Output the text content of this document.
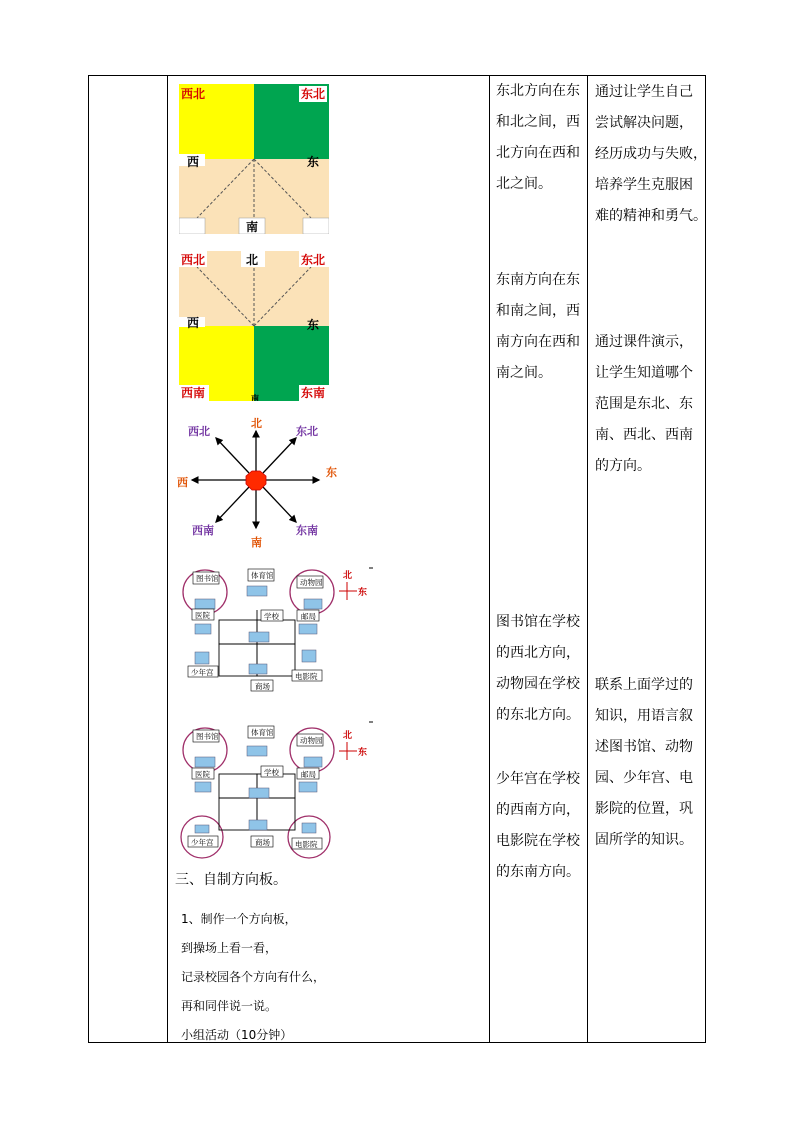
西北	东北
西	东
南
西北	北	东北
西	东
西南	南	东南
北
南
东
西
西北	东北
西南	东南
图书馆	体育馆
动物园
医院	学校	邮局
少年宫
商场
电影院
北
东
图书馆	体育馆
动物园
医院	学校	邮局
少年宫	商场	电影院
北
东
三、自制方向板。
1、制作一个方向板，
到操场上看一看，
记录校园各个方向有什么，
再和同伴说一说。
小组活动（10分钟）
东北方向在东
和北之间，西
北方向在西和
北之间。
东南方向在东
和南之间，西
南方向在西和
南之间。
图书馆在学校
的西北方向，
动物园在学校
的东北方向。
少年宫在学校
的西南方向，
电影院在学校
的东南方向。
通过让学生自己
尝试解决问题，
经历成功与失败，
培养学生克服困
难的精神和勇气。
通过课件演示，
让学生知道哪个
范围是东北、东
南、西北、西南
的方向。
联系上面学过的
知识，用语言叙
述图书馆、动物
园、少年宫、电
影院的位置，巩
固所学的知识。
